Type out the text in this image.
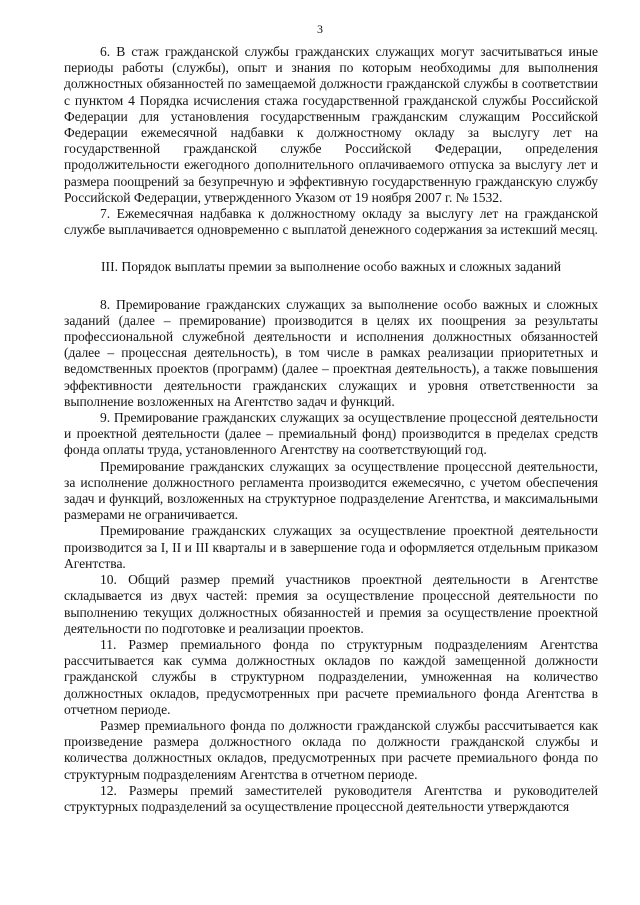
3

6. В стаж гражданской службы гражданских служащих могут засчитываться иные периоды работы (службы), опыт и знания по которым необходимы для выполнения должностных обязанностей по замещаемой должности гражданской службы в соответствии с пунктом 4 Порядка исчисления стажа государственной гражданской службы Российской Федерации для установления государственным гражданским служащим Российской Федерации ежемесячной надбавки к должностному окладу за выслугу лет на государственной гражданской службе Российской Федерации, определения продолжительности ежегодного дополнительного оплачиваемого отпуска за выслугу лет и размера поощрений за безупречную и эффективную государственную гражданскую службу Российской Федерации, утвержденного Указом от 19 ноября 2007 г. № 1532.

7. Ежемесячная надбавка к должностному окладу за выслугу лет на гражданской службе выплачивается одновременно с выплатой денежного содержания за истекший месяц.

III. Порядок выплаты премии за выполнение особо важных и сложных заданий

8. Премирование гражданских служащих за выполнение особо важных и сложных заданий (далее – премирование) производится в целях их поощрения за результаты профессиональной служебной деятельности и исполнения должностных обязанностей (далее – процессная деятельность), в том числе в рамках реализации приоритетных и ведомственных проектов (программ) (далее – проектная деятельность), а также повышения эффективности деятельности гражданских служащих и уровня ответственности за выполнение возложенных на Агентство задач и функций.

9. Премирование гражданских служащих за осуществление процессной деятельности и проектной деятельности (далее – премиальный фонд) производится в пределах средств фонда оплаты труда, установленного Агентству на соответствующий год.

Премирование гражданских служащих за осуществление процессной деятельности, за исполнение должностного регламента производится ежемесячно, с учетом обеспечения задач и функций, возложенных на структурное подразделение Агентства, и максимальными размерами не ограничивается.

Премирование гражданских служащих за осуществление проектной деятельности производится за I, II и III кварталы и в завершение года и оформляется отдельным приказом Агентства.

10. Общий размер премий участников проектной деятельности в Агентстве складывается из двух частей: премия за осуществление процессной деятельности по выполнению текущих должностных обязанностей и премия за осуществление проектной деятельности по подготовке и реализации проектов.

11. Размер премиального фонда по структурным подразделениям Агентства рассчитывается как сумма должностных окладов по каждой замещенной должности гражданской службы в структурном подразделении, умноженная на количество должностных окладов, предусмотренных при расчете премиального фонда Агентства в отчетном периоде.

Размер премиального фонда по должности гражданской службы рассчитывается как произведение размера должностного оклада по должности гражданской службы и количества должностных окладов, предусмотренных при расчете премиального фонда по структурным подразделениям Агентства в отчетном периоде.

12. Размеры премий заместителей руководителя Агентства и руководителей структурных подразделений за осуществление процессной деятельности утверждаются
